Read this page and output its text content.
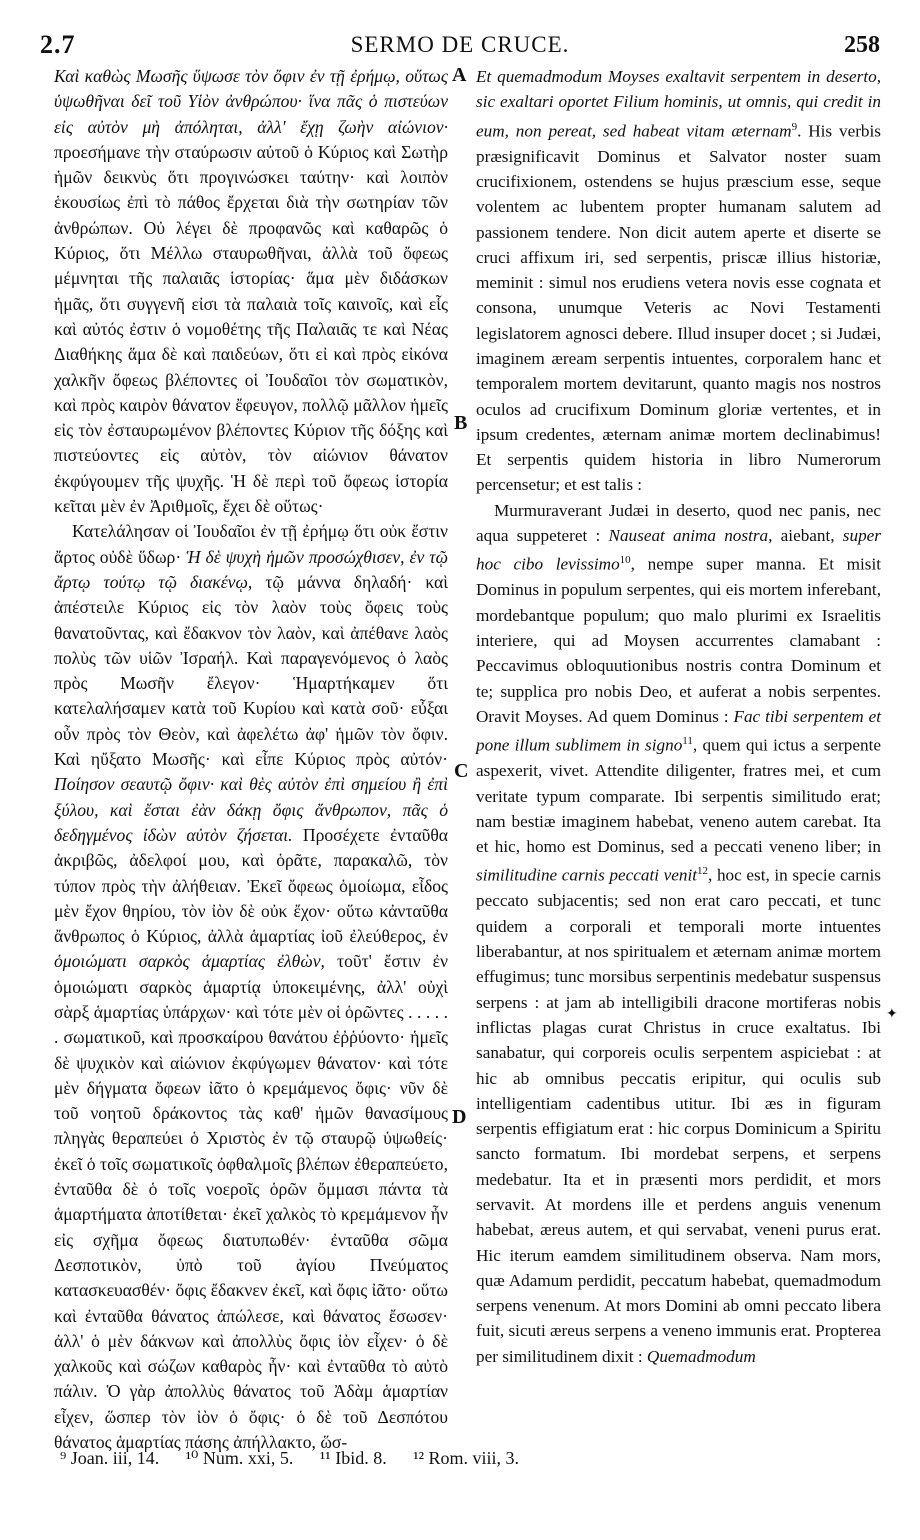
2.7	SERMO DE CRUCE.	258

Καὶ καθὼς Μωσῆς ὕψωσε τὸν ὄφιν ἐν τῇ ἐρήμῳ, οὕτως ὑψωθῆναι δεῖ τοῦ Υἱὸν ἀνθρώπου· ἵνα πᾶς ὁ πιστεύων εἰς αὐτὸν μὴ ἀπόληται, ἀλλ' ἔχῃ ζωὴν αἰώνιον· προεσήμανε τὴν σταύρωσιν αὐτοῦ ὁ Κύριος καὶ Σωτὴρ ἡμῶν δεικνὺς ὅτι προγινώσκει ταύτην· καὶ λοιπὸν ἑκουσίως ἐπὶ τὸ πάθος ἔρχεται διὰ τὴν σωτηρίαν τῶν ἀνθρώπων. Οὐ λέγει δὲ προφανῶς καὶ καθαρῶς ὁ Κύριος, ὅτι Μέλλω σταυρωθῆναι, ἀλλὰ τοῦ ὄφεως μέμνηται τῆς παλαιᾶς ἱστορίας· ἅμα μὲν διδάσκων ἡμᾶς, ὅτι συγγενῆ εἰσι τὰ παλαιὰ τοῖς καινοῖς, καὶ εἷς καὶ αὐτός ἐστιν ὁ νομοθέτης τῆς Παλαιᾶς τε καὶ Νέας Διαθήκης ἅμα δὲ καὶ παιδεύων, ὅτι εἰ καὶ πρὸς εἰκόνα χαλκῆν ὄφεως βλέποντες οἱ Ἰουδαῖοι τὸν σωματικὸν, καὶ πρὸς καιρὸν θάνατον ἔφευγον, πολλῷ μᾶλλον ἡμεῖς εἰς τὸν ἐσταυρωμένον βλέποντες Κύριον τῆς δόξης καὶ πιστεύοντες εἰς αὐτὸν, τὸν αἰώνιον θάνατον ἐκφύγουμεν τῆς ψυχῆς. Ἡ δὲ περὶ τοῦ ὄφεως ἱστορία κεῖται μὲν ἐν Ἀριθμοῖς, ἔχει δὲ οὕτως·

Κατελάλησαν οἱ Ἰουδαῖοι ἐν τῇ ἐρήμῳ ὅτι οὐκ ἔστιν ἄρτος οὐδὲ ὕδωρ· Ἡ δὲ ψυχὴ ἡμῶν προσώχθισεν, ἐν τῷ ἄρτῳ τούτῳ τῷ διακένῳ, τῷ μάννα δηλαδή· καὶ ἀπέστειλε Κύριος εἰς τὸν λαὸν τοὺς ὄφεις τοὺς θανατοῦντας, καὶ ἔδακνον τὸν λαὸν, καὶ ἀπέθανε λαὸς πολὺς τῶν υἱῶν Ἰσραήλ. Καὶ παραγενόμενος ὁ λαὸς πρὸς Μωσῆν ἔλεγον· Ἡμαρτήκαμεν ὅτι κατελαλήσαμεν κατὰ τοῦ Κυρίου καὶ κατὰ σοῦ· εὖξαι οὖν πρὸς τὸν Θεὸν, καὶ ἀφελέτω ἀφ' ἡμῶν τὸν ὄφιν. Καὶ ηὔξατο Μωσῆς· καὶ εἶπε Κύριος πρὸς αὐτόν· Ποίησον σεαυτῷ ὄφιν· καὶ θὲς αὐτὸν ἐπὶ σημείου ἢ ἐπὶ ξύλου, καὶ ἔσται ἐὰν δάκῃ ὄφις ἄνθρωπον, πᾶς ὁ δεδηγμένος ἰδὼν αὐτὸν ζήσεται. Προσέχετε ἐνταῦθα ἀκριβῶς, ἀδελφοί μου, καὶ ὁρᾶτε, παρακαλῶ, τὸν τύπον πρὸς τὴν ἀλήθειαν. Ἐκεῖ ὄφεως ὁμοίωμα, εἶδος μὲν ἔχον θηρίου, τὸν ἰὸν δὲ οὐκ ἔχον· οὕτω κἀνταῦθα ἄνθρωπος ὁ Κύριος, ἀλλὰ ἁμαρτίας ἰοῦ ἐλεύθερος, ἐν ὁμοιώματι σαρκὸς ἁμαρτίας ἐλθὼν, τοῦτ' ἔστιν ἐν ὁμοιώματι σαρκὸς ἁμαρτίᾳ ὑποκειμένης, ἀλλ' οὐχὶ σὰρξ ἁμαρτίας ὑπάρχων· καὶ τότε μὲν οἱ ὁρῶντες . . . . . . σωματικοῦ, καὶ προσκαίρου θανάτου ἐῤῥύοντο· ἡμεῖς δὲ ψυχικὸν καὶ αἰώνιον ἐκφύγωμεν θάνατον· καὶ τότε μὲν δήγματα ὄφεων ἰᾶτο ὁ κρεμάμενος ὄφις· νῦν δὲ τοῦ νοητοῦ δράκοντος τὰς καθ' ἡμῶν θανασίμους πληγὰς θεραπεύει ὁ Χριστὸς ἐν τῷ σταυρῷ ὑψωθείς· ἐκεῖ ὁ τοῖς σωματικοῖς ὀφθαλμοῖς βλέπων ἐθεραπεύετο, ἐνταῦθα δὲ ὁ τοῖς νοεροῖς ὁρῶν ὄμμασι πάντα τὰ ἁμαρτήματα ἀποτίθεται· ἐκεῖ χαλκὸς τὸ κρεμάμενον ἦν εἰς σχῆμα ὄφεως διατυπωθέν· ἐνταῦθα σῶμα Δεσποτικὸν, ὑπὸ τοῦ ἁγίου Πνεύματος κατασκευασθέν· ὄφις ἔδακνεν ἐκεῖ, καὶ ὄφις ἰᾶτο· οὕτω καὶ ἐνταῦθα θάνατος ἀπώλεσε, καὶ θάνατος ἔσωσεν· ἀλλ' ὁ μὲν δάκνων καὶ ἀπολλὺς ὄφις ἰὸν εἶχεν· ὁ δὲ χαλκοῦς καὶ σώζων καθαρὸς ἦν· καὶ ἐνταῦθα τὸ αὐτὸ πάλιν. Ὁ γὰρ ἀπολλὺς θάνατος τοῦ Ἀδὰμ ἁμαρτίαν εἶχεν, ὥσπερ τὸν ἰὸν ὁ ὄφις· ὁ δὲ τοῦ Δεσπότου θάνατος ἁμαρτίας πάσης ἀπήλλακτο, ὥσ-

A
B
C
D
✦

Et quemadmodum Moyses exaltavit serpentem in deserto, sic exaltari oportet Filium hominis, ut omnis, qui credit in eum, non pereat, sed habeat vitam æternam$^9$. His verbis præsignificavit Dominus et Salvator noster suam crucifixionem, ostendens se hujus præscium esse, seque volentem ac lubentem propter humanam salutem ad passionem tendere. Non dicit autem aperte et diserte se cruci affixum iri, sed serpentis, priscæ illius historiæ, meminit : simul nos erudiens vetera novis esse cognata et consona, unumque Veteris ac Novi Testamenti legislatorem agnosci debere. Illud insuper docet ; si Judæi, imaginem æream serpentis intuentes, corporalem hanc et temporalem mortem devitarunt, quanto magis nos nostros oculos ad crucifixum Dominum gloriæ vertentes, et in ipsum credentes, æternam animæ mortem declinabimus! Et serpentis quidem historia in libro Numerorum percensetur; et est talis :

Murmuraverant Judæi in deserto, quod nec panis, nec aqua suppeteret : Nauseat anima nostra, aiebant, super hoc cibo levissimo$^{10}$, nempe super manna. Et misit Dominus in populum serpentes, qui eis mortem inferebant, mordebantque populum; quo malo plurimi ex Israelitis interiere, qui ad Moysen accurrentes clamabant : Peccavimus obloquutionibus nostris contra Dominum et te; supplica pro nobis Deo, et auferat a nobis serpentes. Oravit Moyses. Ad quem Dominus : Fac tibi serpentem et pone illum sublimem in signo$^{11}$, quem qui ictus a serpente aspexerit, vivet. Attendite diligenter, fratres mei, et cum veritate typum comparate. Ibi serpentis similitudo erat; nam bestiæ imaginem habebat, veneno autem carebat. Ita et hic, homo est Dominus, sed a peccati veneno liber; in similitudine carnis peccati venit$^{12}$, hoc est, in specie carnis peccato subjacentis; sed non erat caro peccati, et tunc quidem a corporali et temporali morte intuentes liberabantur, at nos spiritualem et æternam animæ mortem effugimus; tunc morsibus serpentinis medebatur suspensus serpens : at jam ab intelligibili dracone mortiferas nobis inflictas plagas curat Christus in cruce exaltatus. Ibi sanabatur, qui corporeis oculis serpentem aspiciebat : at hic ab omnibus peccatis eripitur, qui oculis sub intelligentiam cadentibus utitur. Ibi æs in figuram serpentis effigiatum erat : hic corpus Dominicum a Spiritu sancto formatum. Ibi mordebat serpens, et serpens medebatur. Ita et in præsenti mors perdidit, et mors servavit. At mordens ille et perdens anguis venenum habebat, æreus autem, et qui servabat, veneni purus erat. Hic iterum eamdem similitudinem observa. Nam mors, quæ Adamum perdidit, peccatum habebat, quemadmodum serpens venenum. At mors Domini ab omni peccato libera fuit, sicuti æreus serpens a veneno immunis erat. Propterea per similitudinem dixit : Quemadmodum

⁹ Joan. iii, 14. ¹⁰ Num. xxi, 5. ¹¹ Ibid. 8. ¹² Rom. viii, 3.
